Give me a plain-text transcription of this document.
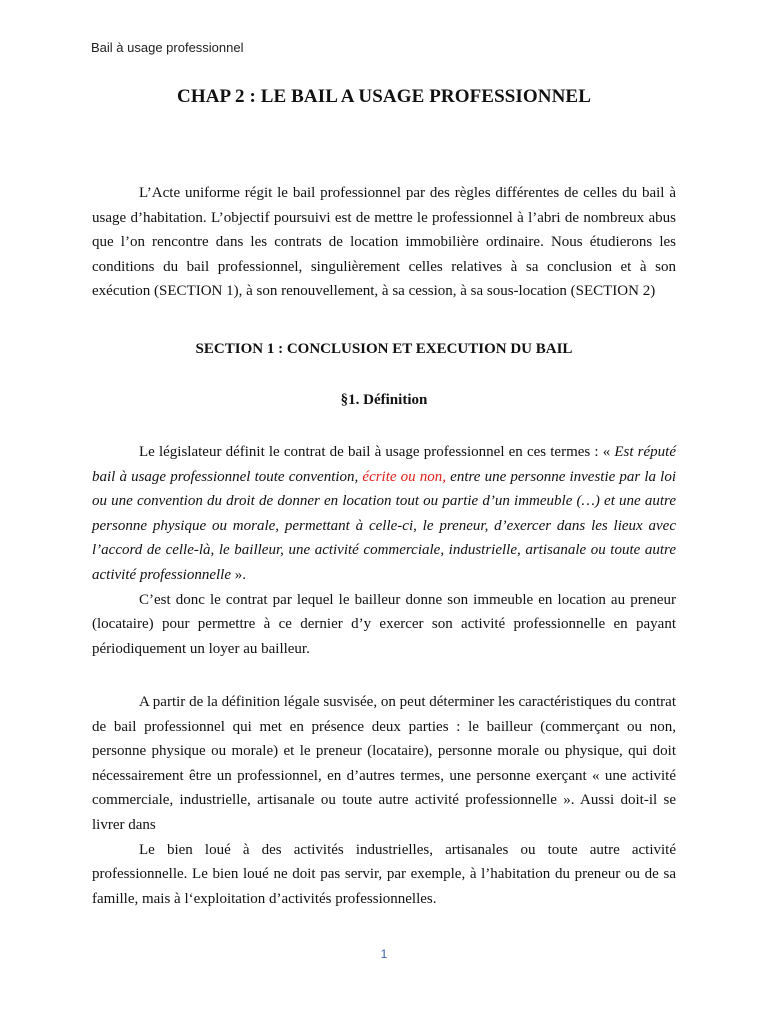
Bail à usage professionnel
CHAP 2 : LE BAIL A USAGE PROFESSIONNEL

L’Acte uniforme régit le bail professionnel par des règles différentes de celles du bail à usage d’habitation. L’objectif poursuivi est de mettre le professionnel à l’abri de nombreux abus que l’on rencontre dans les contrats de location immobilière ordinaire. Nous étudierons les conditions du bail professionnel, singulièrement celles relatives à sa conclusion et à son exécution (SECTION 1), à son renouvellement, à sa cession, à sa sous-location (SECTION 2)

SECTION 1 : CONCLUSION ET EXECUTION DU BAIL
§1. Définition

Le législateur définit le contrat de bail à usage professionnel en ces termes : « Est réputé bail à usage professionnel toute convention, écrite ou non, entre une personne investie par la loi ou une convention du droit de donner en location tout ou partie d’un immeuble (…) et une autre personne physique ou morale, permettant à celle-ci, le preneur, d’exercer dans les lieux avec l’accord de celle-là, le bailleur, une activité commerciale, industrielle, artisanale ou toute autre activité professionnelle ».

C’est donc le contrat par lequel le bailleur donne son immeuble en location au preneur (locataire) pour permettre à ce dernier d’y exercer son activité professionnelle en payant périodiquement un loyer au bailleur.

A partir de la définition légale susvisée, on peut déterminer les caractéristiques du contrat de bail professionnel qui met en présence deux parties : le bailleur (commerçant ou non, personne physique ou morale) et le preneur (locataire), personne morale ou physique, qui doit nécessairement être un professionnel, en d’autres termes, une personne exerçant « une activité commerciale, industrielle, artisanale ou toute autre activité professionnelle ». Aussi doit-il se livrer dans

Le bien loué à des activités industrielles, artisanales ou toute autre activité professionnelle. Le bien loué ne doit pas servir, par exemple, à l’habitation du preneur ou de sa famille, mais à l‘exploitation d’activités professionnelles.

1
